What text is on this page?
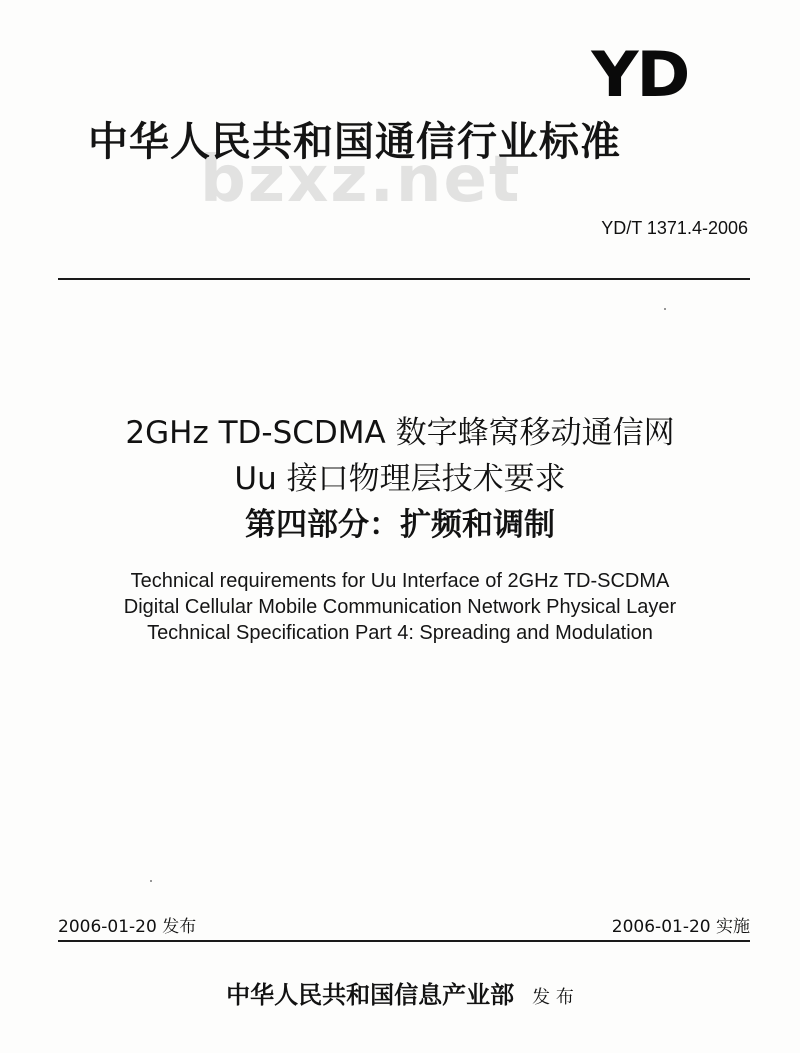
YD
bzxz.net
中华人民共和国通信行业标准
YD/T 1371.4-2006
2GHz TD-SCDMA 数字蜂窝移动通信网
Uu 接口物理层技术要求
第四部分：扩频和调制
Technical requirements for Uu Interface of 2GHz TD-SCDMA
Digital Cellular Mobile Communication Network Physical Layer
Technical Specification Part 4: Spreading and Modulation
2006-01-20 发布	2006-01-20 实施
中华人民共和国信息产业部 发 布
